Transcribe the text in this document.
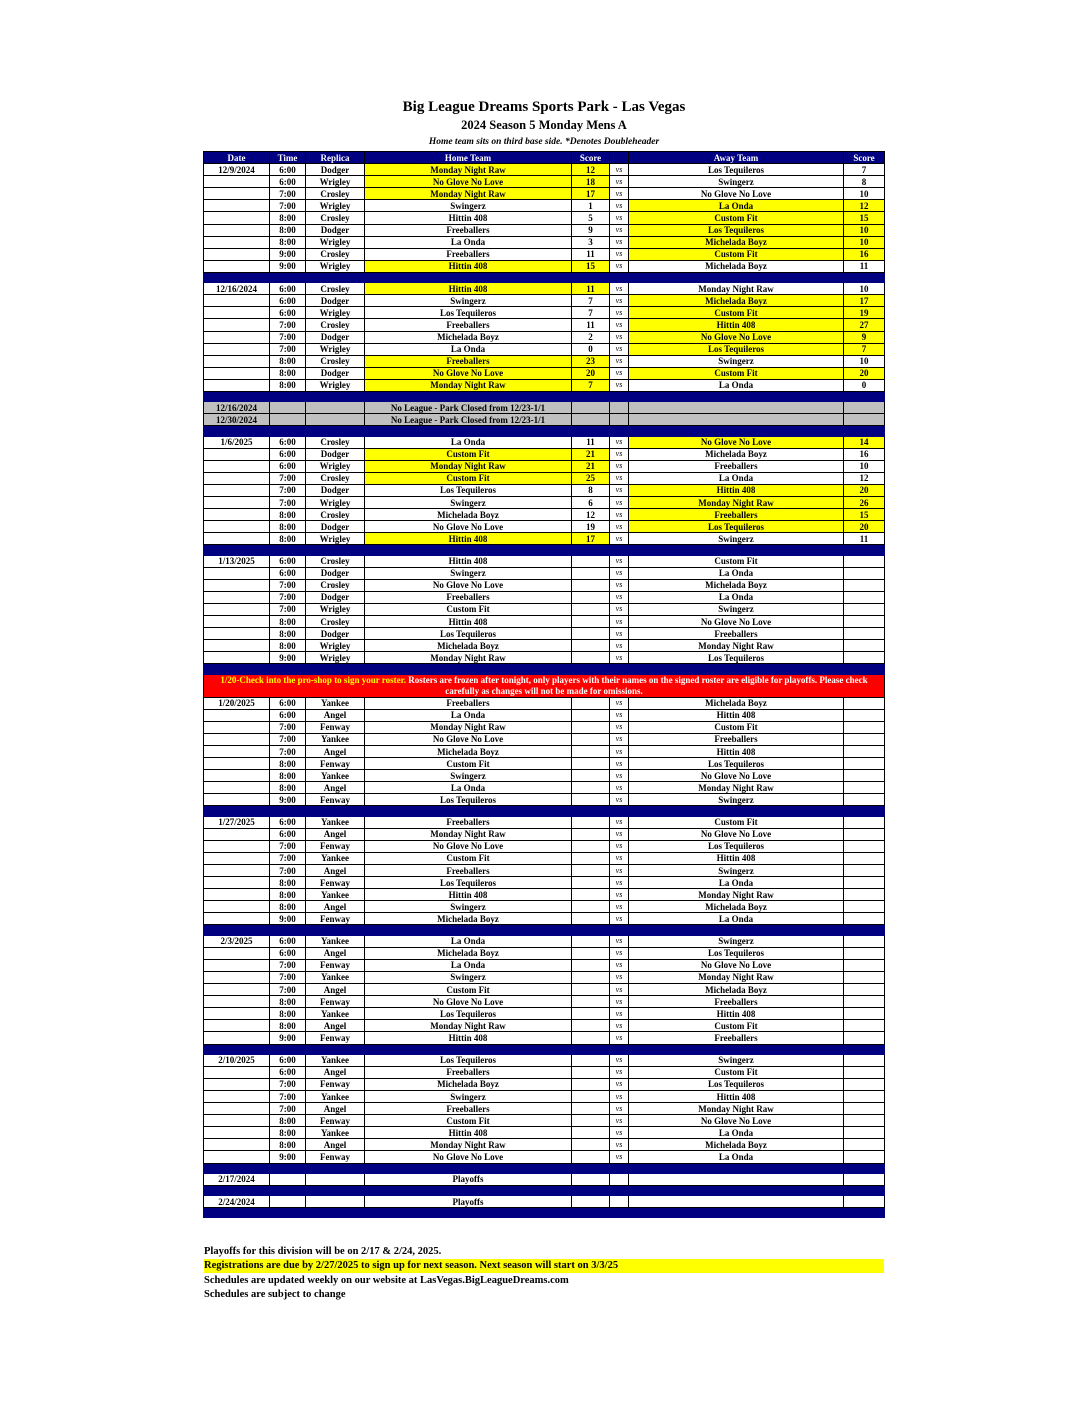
Big League Dreams Sports Park - Las Vegas
2024 Season 5 Monday Mens A
Home team sits on third base side. *Denotes Doubleheader
Date	Time	Replica	Home Team	Score		Away Team	Score
12/9/2024	6:00	Dodger	Monday Night Raw	12	vs	Los Tequileros	7
	6:00	Wrigley	No Glove No Love	18	vs	Swingerz	8
	7:00	Crosley	Monday Night Raw	17	vs	No Glove No Love	10
	7:00	Wrigley	Swingerz	1	vs	La Onda	12
	8:00	Crosley	Hittin 408	5	vs	Custom Fit	15
	8:00	Dodger	Freeballers	9	vs	Los Tequileros	10
	8:00	Wrigley	La Onda	3	vs	Michelada Boyz	10
	9:00	Crosley	Freeballers	11	vs	Custom Fit	16
	9:00	Wrigley	Hittin 408	15	vs	Michelada Boyz	11

12/16/2024	6:00	Crosley	Hittin 408	11	vs	Monday Night Raw	10
	6:00	Dodger	Swingerz	7	vs	Michelada Boyz	17
	6:00	Wrigley	Los Tequileros	7	vs	Custom Fit	19
	7:00	Crosley	Freeballers	11	vs	Hittin 408	27
	7:00	Dodger	Michelada Boyz	2	vs	No Glove No Love	9
	7:00	Wrigley	La Onda	0	vs	Los Tequileros	7
	8:00	Crosley	Freeballers	23	vs	Swingerz	10
	8:00	Dodger	No Glove No Love	20	vs	Custom Fit	20
	8:00	Wrigley	Monday Night Raw	7	vs	La Onda	0

12/16/2024			No League - Park Closed from 12/23-1/1				
12/30/2024			No League - Park Closed from 12/23-1/1				

1/6/2025	6:00	Crosley	La Onda	11	vs	No Glove No Love	14
	6:00	Dodger	Custom Fit	21	vs	Michelada Boyz	16
	6:00	Wrigley	Monday Night Raw	21	vs	Freeballers	10
	7:00	Crosley	Custom Fit	25	vs	La Onda	12
	7:00	Dodger	Los Tequileros	8	vs	Hittin 408	20
	7:00	Wrigley	Swingerz	6	vs	Monday Night Raw	26
	8:00	Crosley	Michelada Boyz	12	vs	Freeballers	15
	8:00	Dodger	No Glove No Love	19	vs	Los Tequileros	20
	8:00	Wrigley	Hittin 408	17	vs	Swingerz	11

1/13/2025	6:00	Crosley	Hittin 408		vs	Custom Fit	
	6:00	Dodger	Swingerz		vs	La Onda	
	7:00	Crosley	No Glove No Love		vs	Michelada Boyz	
	7:00	Dodger	Freeballers		vs	La Onda	
	7:00	Wrigley	Custom Fit		vs	Swingerz	
	8:00	Crosley	Hittin 408		vs	No Glove No Love	
	8:00	Dodger	Los Tequileros		vs	Freeballers	
	8:00	Wrigley	Michelada Boyz		vs	Monday Night Raw	
	9:00	Wrigley	Monday Night Raw		vs	Los Tequileros	

1/20-Check into the pro-shop to sign your roster. Rosters are frozen after tonight, only players with their names on the signed roster are eligible for playoffs. Please check carefully as changes will not be made for omissions.							
1/20/2025	6:00	Yankee	Freeballers		vs	Michelada Boyz	
	6:00	Angel	La Onda		vs	Hittin 408	
	7:00	Fenway	Monday Night Raw		vs	Custom Fit	
	7:00	Yankee	No Glove No Love		vs	Freeballers	
	7:00	Angel	Michelada Boyz		vs	Hittin 408	
	8:00	Fenway	Custom Fit		vs	Los Tequileros	
	8:00	Yankee	Swingerz		vs	No Glove No Love	
	8:00	Angel	La Onda		vs	Monday Night Raw	
	9:00	Fenway	Los Tequileros		vs	Swingerz	

1/27/2025	6:00	Yankee	Freeballers		vs	Custom Fit	
	6:00	Angel	Monday Night Raw		vs	No Glove No Love	
	7:00	Fenway	No Glove No Love		vs	Los Tequileros	
	7:00	Yankee	Custom Fit		vs	Hittin 408	
	7:00	Angel	Freeballers		vs	Swingerz	
	8:00	Fenway	Los Tequileros		vs	La Onda	
	8:00	Yankee	Hittin 408		vs	Monday Night Raw	
	8:00	Angel	Swingerz		vs	Michelada Boyz	
	9:00	Fenway	Michelada Boyz		vs	La Onda	

2/3/2025	6:00	Yankee	La Onda		vs	Swingerz	
	6:00	Angel	Michelada Boyz		vs	Los Tequileros	
	7:00	Fenway	La Onda		vs	No Glove No Love	
	7:00	Yankee	Swingerz		vs	Monday Night Raw	
	7:00	Angel	Custom Fit		vs	Michelada Boyz	
	8:00	Fenway	No Glove No Love		vs	Freeballers	
	8:00	Yankee	Los Tequileros		vs	Hittin 408	
	8:00	Angel	Monday Night Raw		vs	Custom Fit	
	9:00	Fenway	Hittin 408		vs	Freeballers	

2/10/2025	6:00	Yankee	Los Tequileros		vs	Swingerz	
	6:00	Angel	Freeballers		vs	Custom Fit	
	7:00	Fenway	Michelada Boyz		vs	Los Tequileros	
	7:00	Yankee	Swingerz		vs	Hittin 408	
	7:00	Angel	Freeballers		vs	Monday Night Raw	
	8:00	Fenway	Custom Fit		vs	No Glove No Love	
	8:00	Yankee	Hittin 408		vs	La Onda	
	8:00	Angel	Monday Night Raw		vs	Michelada Boyz	
	9:00	Fenway	No Glove No Love		vs	La Onda	

2/17/2024			Playoffs				

2/24/2024			Playoffs				

Playoffs for this division will be on 2/17 & 2/24, 2025.
Registrations are due by 2/27/2025 to sign up for next season. Next season will start on 3/3/25
Schedules are updated weekly on our website at LasVegas.BigLeagueDreams.com
Schedules are subject to change
